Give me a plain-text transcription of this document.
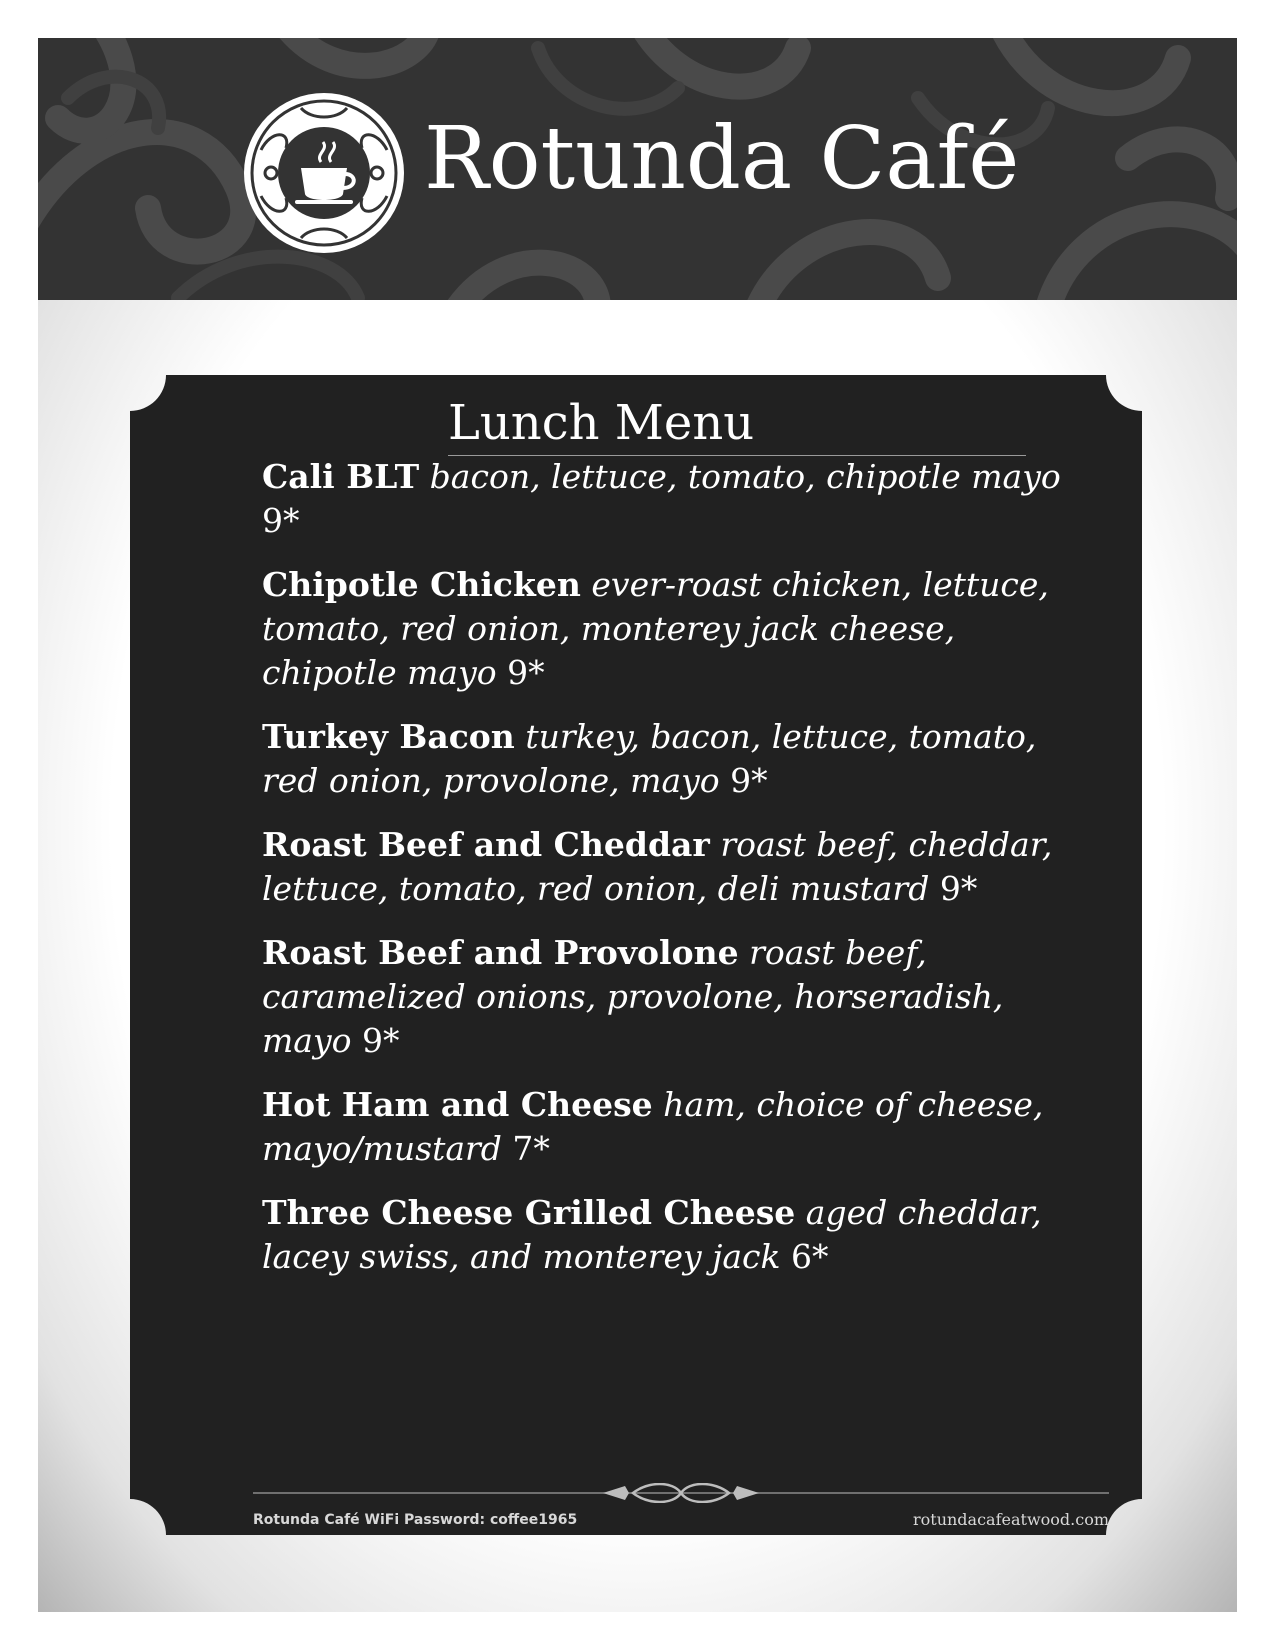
Rotunda Café
Lunch Menu
Cali BLT bacon, lettuce, tomato, chipotle mayo 9*
Chipotle Chicken ever-roast chicken, lettuce, tomato, red onion, monterey jack cheese, chipotle mayo 9*
Turkey Bacon turkey, bacon, lettuce, tomato, red onion, provolone, mayo 9*
Roast Beef and Cheddar roast beef, cheddar, lettuce, tomato, red onion, deli mustard 9*
Roast Beef and Provolone roast beef, caramelized onions, provolone, horseradish, mayo 9*
Hot Ham and Cheese ham, choice of cheese, mayo/mustard 7*
Three Cheese Grilled Cheese aged cheddar, lacey swiss, and monterey jack 6*
Rotunda Café WiFi Password: coffee1965	rotundacafeatwood.com
